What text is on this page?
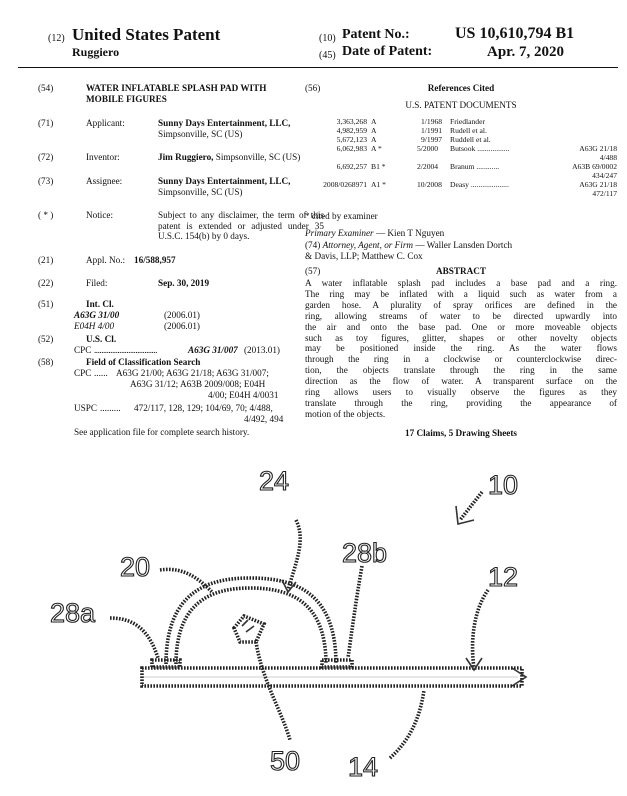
(12) United States Patent
Ruggiero
(10) Patent No.:	US 10,610,794 B1
(45) Date of Patent:	Apr. 7, 2020
(54)	WATER INFLATABLE SPLASH PAD WITH MOBILE FIGURES
(71)	Applicant:	Sunny Days Entertainment, LLC,
Simpsonville, SC (US)
(72)	Inventor:	Jim Ruggiero, Simpsonville, SC (US)
(73)	Assignee:	Sunny Days Entertainment, LLC,
Simpsonville, SC (US)
( * )	Notice:	Subject to any disclaimer, the term of this patent is extended or adjusted under 35 U.S.C. 154(b) by 0 days.
(21)	Appl. No.: 16/588,957
(22)	Filed:	Sep. 30, 2019
(51)	Int. Cl.
A63G 31/00	(2006.01)
E04H 4/00	(2006.01)
(52)	U.S. Cl.
CPC ...................................	A63G 31/007 (2013.01)
(58)	Field of Classification Search
CPC ...... A63G 21/00; A63G 21/18; A63G 31/007;
A63G 31/12; A63B 2009/008; E04H
4/00; E04H 4/0031
USPC ......... 472/117, 128, 129; 104/69, 70; 4/488,
4/492, 494
See application file for complete search history.
(56)	References Cited
U.S. PATENT DOCUMENTS
3,363,268 A	1/1968 Friedlander
4,982,959 A	1/1991 Rudell et al.
5,672,123 A	9/1997 Ruddell et al.
6,062,983 A *	5/2000 Butsook .................	A63G 21/18
4/488
6,692,257 B1 *	2/2004 Branum ............	A63B 69/0002
434/247
2008/0268971 A1 *	10/2008 Deasy ....................	A63G 21/18
472/117
* cited by examiner
Primary Examiner — Kien T Nguyen
(74) Attorney, Agent, or Firm — Waller Lansden Dortch
& Davis, LLP; Matthew C. Cox
(57)	ABSTRACT
A water inflatable splash pad includes a base pad and a ring.
The ring may be inflated with a liquid such as water from a
garden hose. A plurality of spray orifices are defined in the
ring, allowing streams of water to be directed upwardly into
the air and onto the base pad. One or more moveable objects
such as toy figures, glitter, shapes or other novelty objects
may be positioned inside the ring. As the water flows
through the ring in a clockwise or counterclockwise direc-
tion, the objects translate through the ring in the same
direction as the flow of water. A transparent surface on the
ring allows users to visually observe the figures as they
translate through the ring, providing the appearance of
motion of the objects.
17 Claims, 5 Drawing Sheets
24	10
20	28b
12
28a
50 14
